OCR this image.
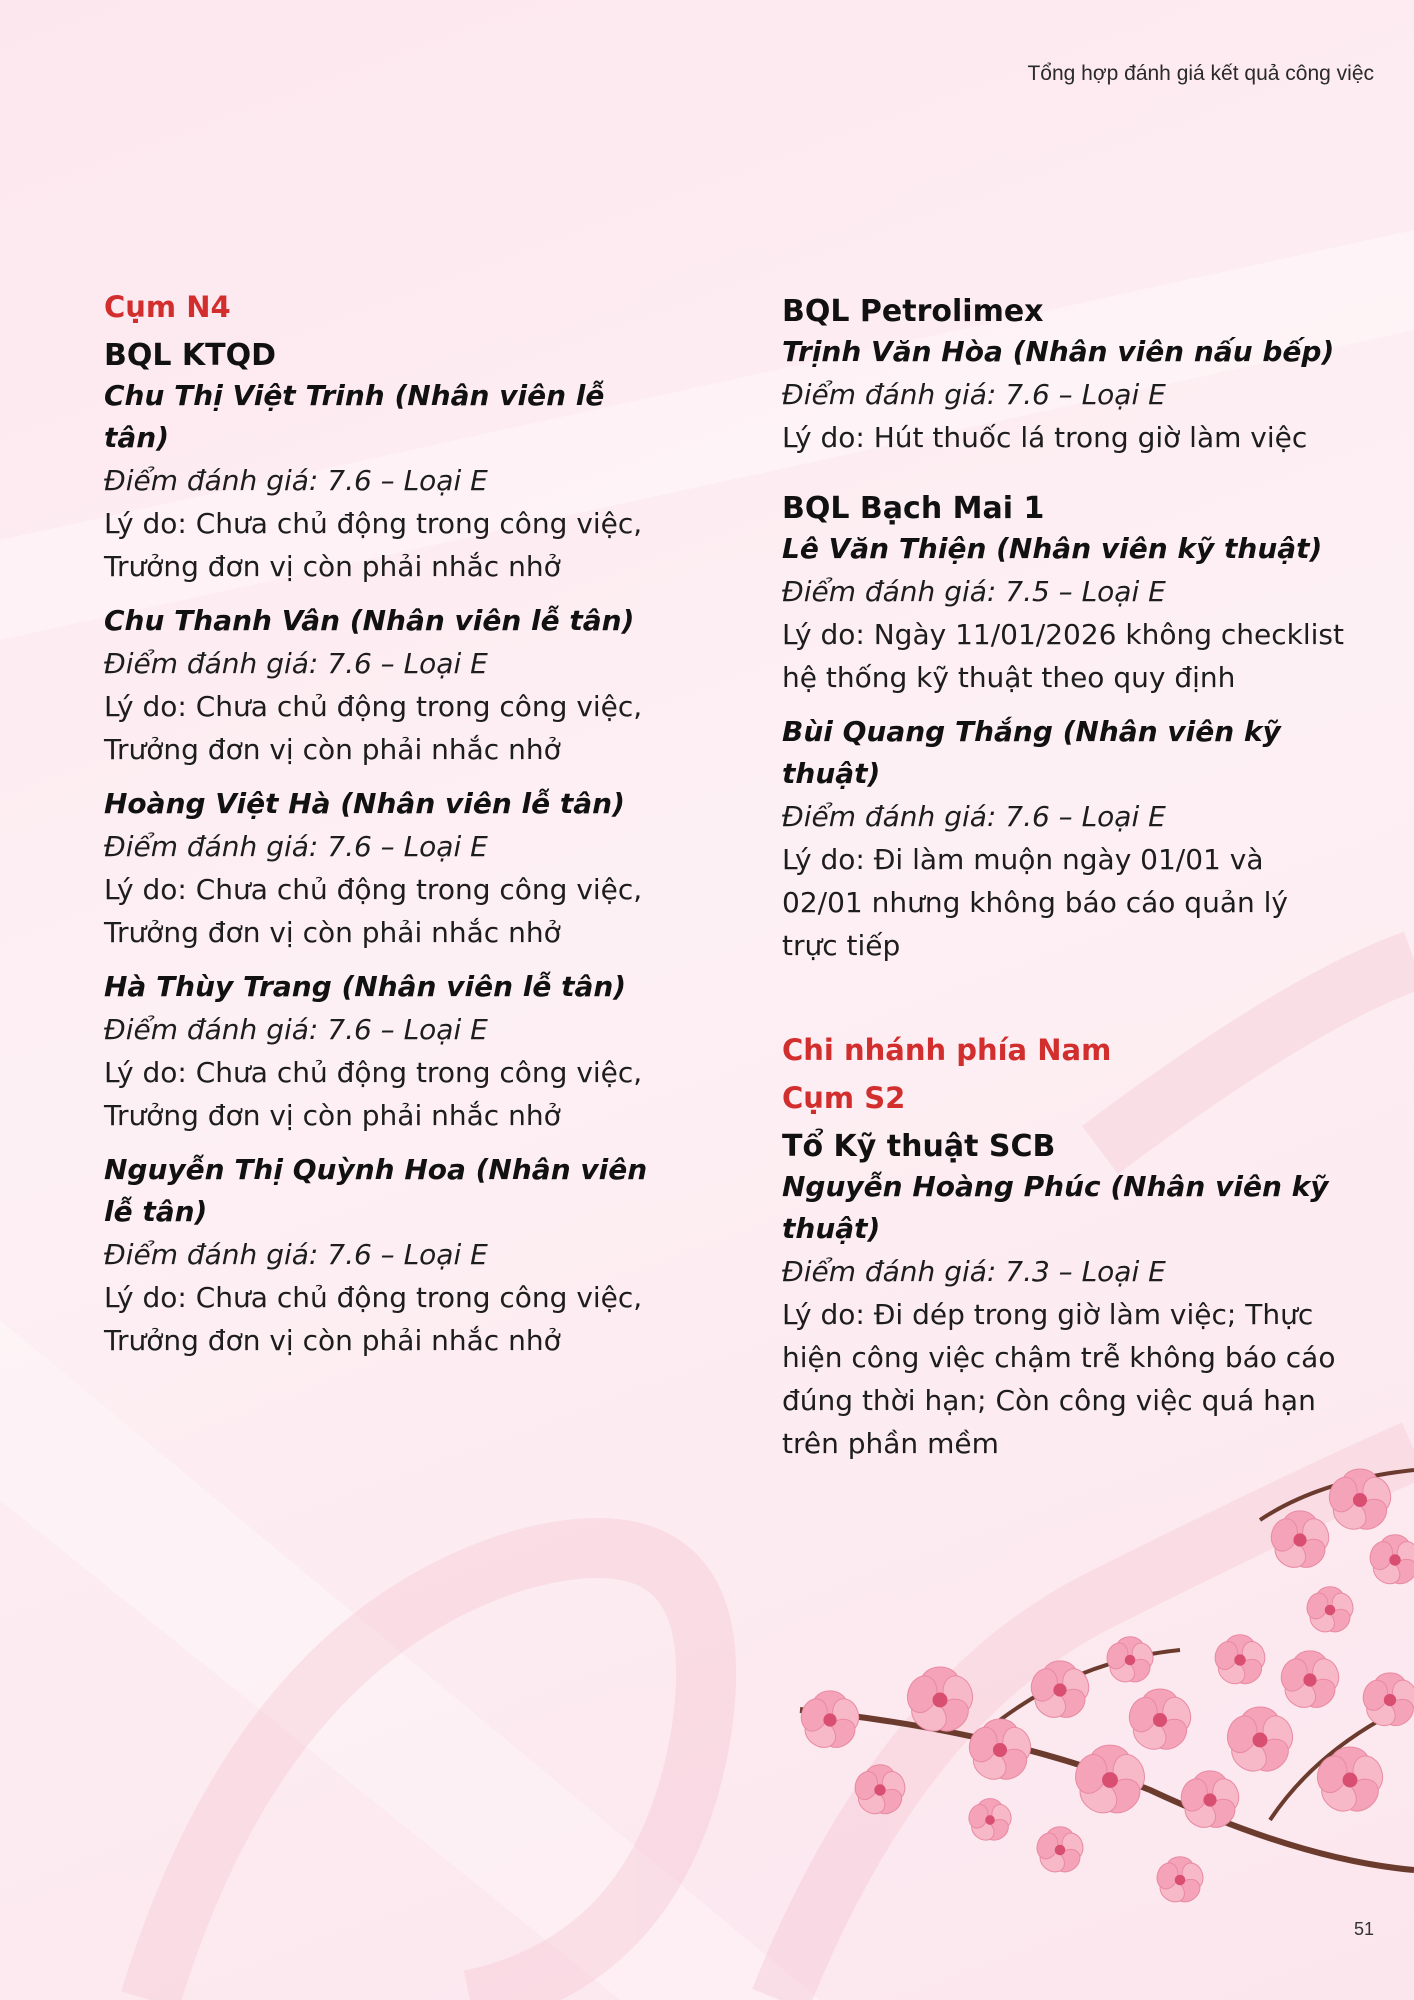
Tổng hợp đánh giá kết quả công việc
Cụm N4
BQL KTQD
Chu Thị Việt Trinh (Nhân viên lễ tân)
Điểm đánh giá: 7.6 – Loại E
Lý do: Chưa chủ động trong công việc, Trưởng đơn vị còn phải nhắc nhở
Chu Thanh Vân (Nhân viên lễ tân)
Điểm đánh giá: 7.6 – Loại E
Lý do: Chưa chủ động trong công việc, Trưởng đơn vị còn phải nhắc nhở
Hoàng Việt Hà (Nhân viên lễ tân)
Điểm đánh giá: 7.6 – Loại E
Lý do: Chưa chủ động trong công việc, Trưởng đơn vị còn phải nhắc nhở
Hà Thùy Trang (Nhân viên lễ tân)
Điểm đánh giá: 7.6 – Loại E
Lý do: Chưa chủ động trong công việc, Trưởng đơn vị còn phải nhắc nhở
Nguyễn Thị Quỳnh Hoa (Nhân viên lễ tân)
Điểm đánh giá: 7.6 – Loại E
Lý do: Chưa chủ động trong công việc, Trưởng đơn vị còn phải nhắc nhở
BQL Petrolimex
Trịnh Văn Hòa (Nhân viên nấu bếp)
Điểm đánh giá: 7.6 – Loại E
Lý do: Hút thuốc lá trong giờ làm việc
BQL Bạch Mai 1
Lê Văn Thiện (Nhân viên kỹ thuật)
Điểm đánh giá: 7.5 – Loại E
Lý do: Ngày 11/01/2026 không checklist hệ thống kỹ thuật theo quy định
Bùi Quang Thắng (Nhân viên kỹ thuật)
Điểm đánh giá: 7.6 – Loại E
Lý do: Đi làm muộn ngày 01/01 và 02/01 nhưng không báo cáo quản lý trực tiếp
Chi nhánh phía Nam
Cụm S2
Tổ Kỹ thuật SCB
Nguyễn Hoàng Phúc (Nhân viên kỹ thuật)
Điểm đánh giá: 7.3 – Loại E
Lý do: Đi dép trong giờ làm việc; Thực hiện công việc chậm trễ không báo cáo đúng thời hạn; Còn công việc quá hạn trên phần mềm
51
